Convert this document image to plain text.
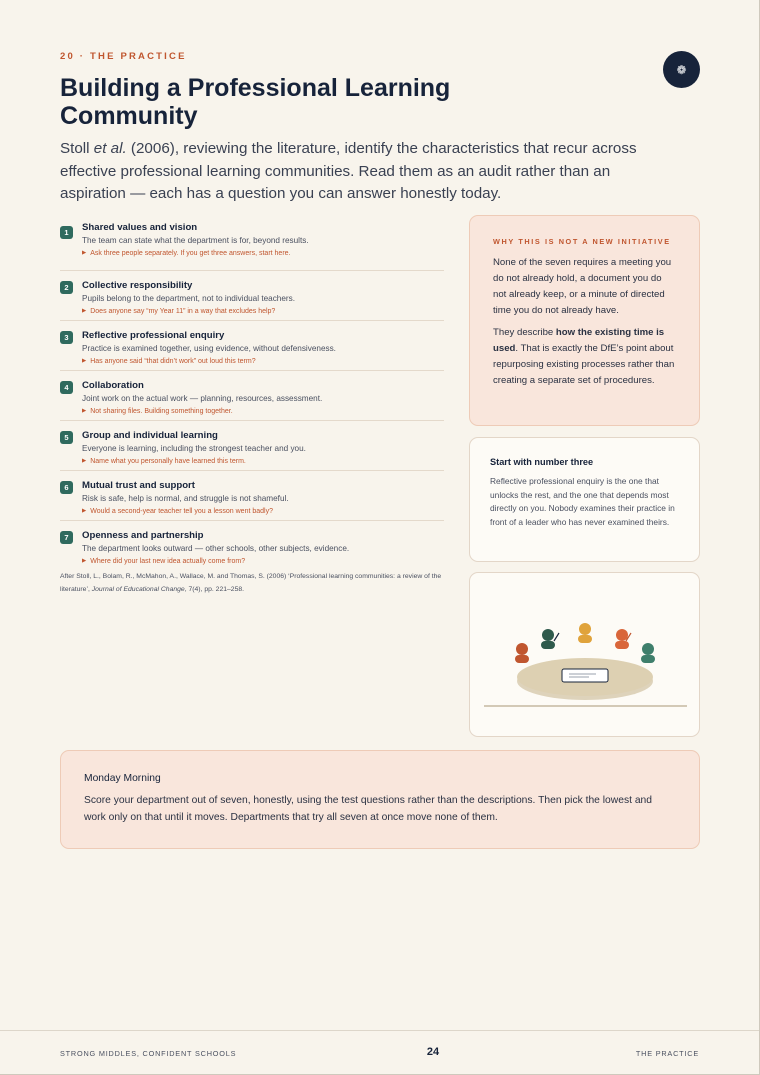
20 · THE PRACTICE
❁
Building a Professional Learning Community

Stoll et al. (2006), reviewing the literature, identify the characteristics that recur across effective professional learning communities. Read them as an audit rather than an aspiration — each has a question you can answer honestly today.

1	Shared values and vision
The team can state what the department is for, beyond results.
▶ Ask three people separately. If you get three answers, start here.
2	Collective responsibility
Pupils belong to the department, not to individual teachers.
▶ Does anyone say “my Year 11” in a way that excludes help?
3	Reflective professional enquiry
Practice is examined together, using evidence, without defensiveness.
▶ Has anyone said “that didn’t work” out loud this term?
4	Collaboration
Joint work on the actual work — planning, resources, assessment.
▶ Not sharing files. Building something together.
5	Group and individual learning
Everyone is learning, including the strongest teacher and you.
▶ Name what you personally have learned this term.
6	Mutual trust and support
Risk is safe, help is normal, and struggle is not shameful.
▶ Would a second-year teacher tell you a lesson went badly?
7	Openness and partnership
The department looks outward — other schools, other subjects, evidence.
▶ Where did your last new idea actually come from?

After Stoll, L., Bolam, R., McMahon, A., Wallace, M. and Thomas, S. (2006) ‘Professional learning communities: a review of the literature’, Journal of Educational Change, 7(4), pp. 221–258.

WHY THIS IS NOT A NEW INITIATIVE

None of the seven requires a meeting you do not already hold, a document you do not already keep, or a minute of directed time you do not already have.

They describe how the existing time is used. That is exactly the DfE’s point about repurposing existing processes rather than creating a separate set of procedures.

Start with number three

Reflective professional enquiry is the one that unlocks the rest, and the one that depends most directly on you. Nobody examines their practice in front of a leader who has never examined theirs.

Monday Morning

Score your department out of seven, honestly, using the test questions rather than the descriptions. Then pick the lowest and work only on that until it moves. Departments that try all seven at once move none of them.

STRONG MIDDLES, CONFIDENT SCHOOLS	24	THE PRACTICE
